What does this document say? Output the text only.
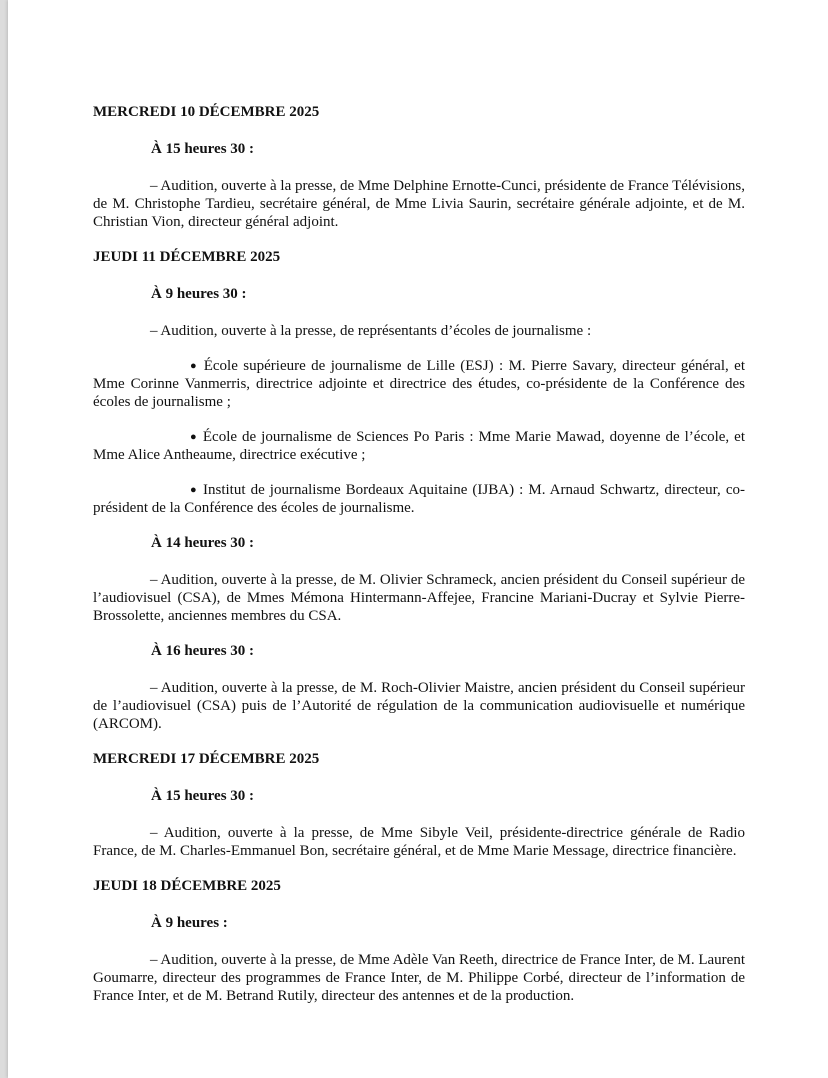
MERCREDI 10 DÉCEMBRE 2025
À 15 heures 30 :

– Audition, ouverte à la presse, de Mme Delphine Ernotte-Cunci, présidente de France Télévisions, de M. Christophe Tardieu, secrétaire général, de Mme Livia Saurin, secrétaire générale adjointe, et de M. Christian Vion, directeur général adjoint.

JEUDI 11 DÉCEMBRE 2025
À 9 heures 30 :

– Audition, ouverte à la presse, de représentants d’écoles de journalisme :

● École supérieure de journalisme de Lille (ESJ) : M. Pierre Savary, directeur général, et Mme Corinne Vanmerris, directrice adjointe et directrice des études, co-présidente de la Conférence des écoles de journalisme ;

● École de journalisme de Sciences Po Paris : Mme Marie Mawad, doyenne de l’école, et Mme Alice Antheaume, directrice exécutive ;

● Institut de journalisme Bordeaux Aquitaine (IJBA) : M. Arnaud Schwartz, directeur, co-président de la Conférence des écoles de journalisme.

À 14 heures 30 :

– Audition, ouverte à la presse, de M. Olivier Schrameck, ancien président du Conseil supérieur de l’audiovisuel (CSA), de Mmes Mémona Hintermann-Affejee, Francine Mariani-Ducray et Sylvie Pierre-Brossolette, anciennes membres du CSA.

À 16 heures 30 :

– Audition, ouverte à la presse, de M. Roch-Olivier Maistre, ancien président du Conseil supérieur de l’audiovisuel (CSA) puis de l’Autorité de régulation de la communication audiovisuelle et numérique (ARCOM).

MERCREDI 17 DÉCEMBRE 2025
À 15 heures 30 :

– Audition, ouverte à la presse, de Mme Sibyle Veil, présidente-directrice générale de Radio France, de M. Charles-Emmanuel Bon, secrétaire général, et de Mme Marie Message, directrice financière.

JEUDI 18 DÉCEMBRE 2025
À 9 heures :

– Audition, ouverte à la presse, de Mme Adèle Van Reeth, directrice de France Inter, de M. Laurent Goumarre, directeur des programmes de France Inter, de M. Philippe Corbé, directeur de l’information de France Inter, et de M. Betrand Rutily, directeur des antennes et de la production.
